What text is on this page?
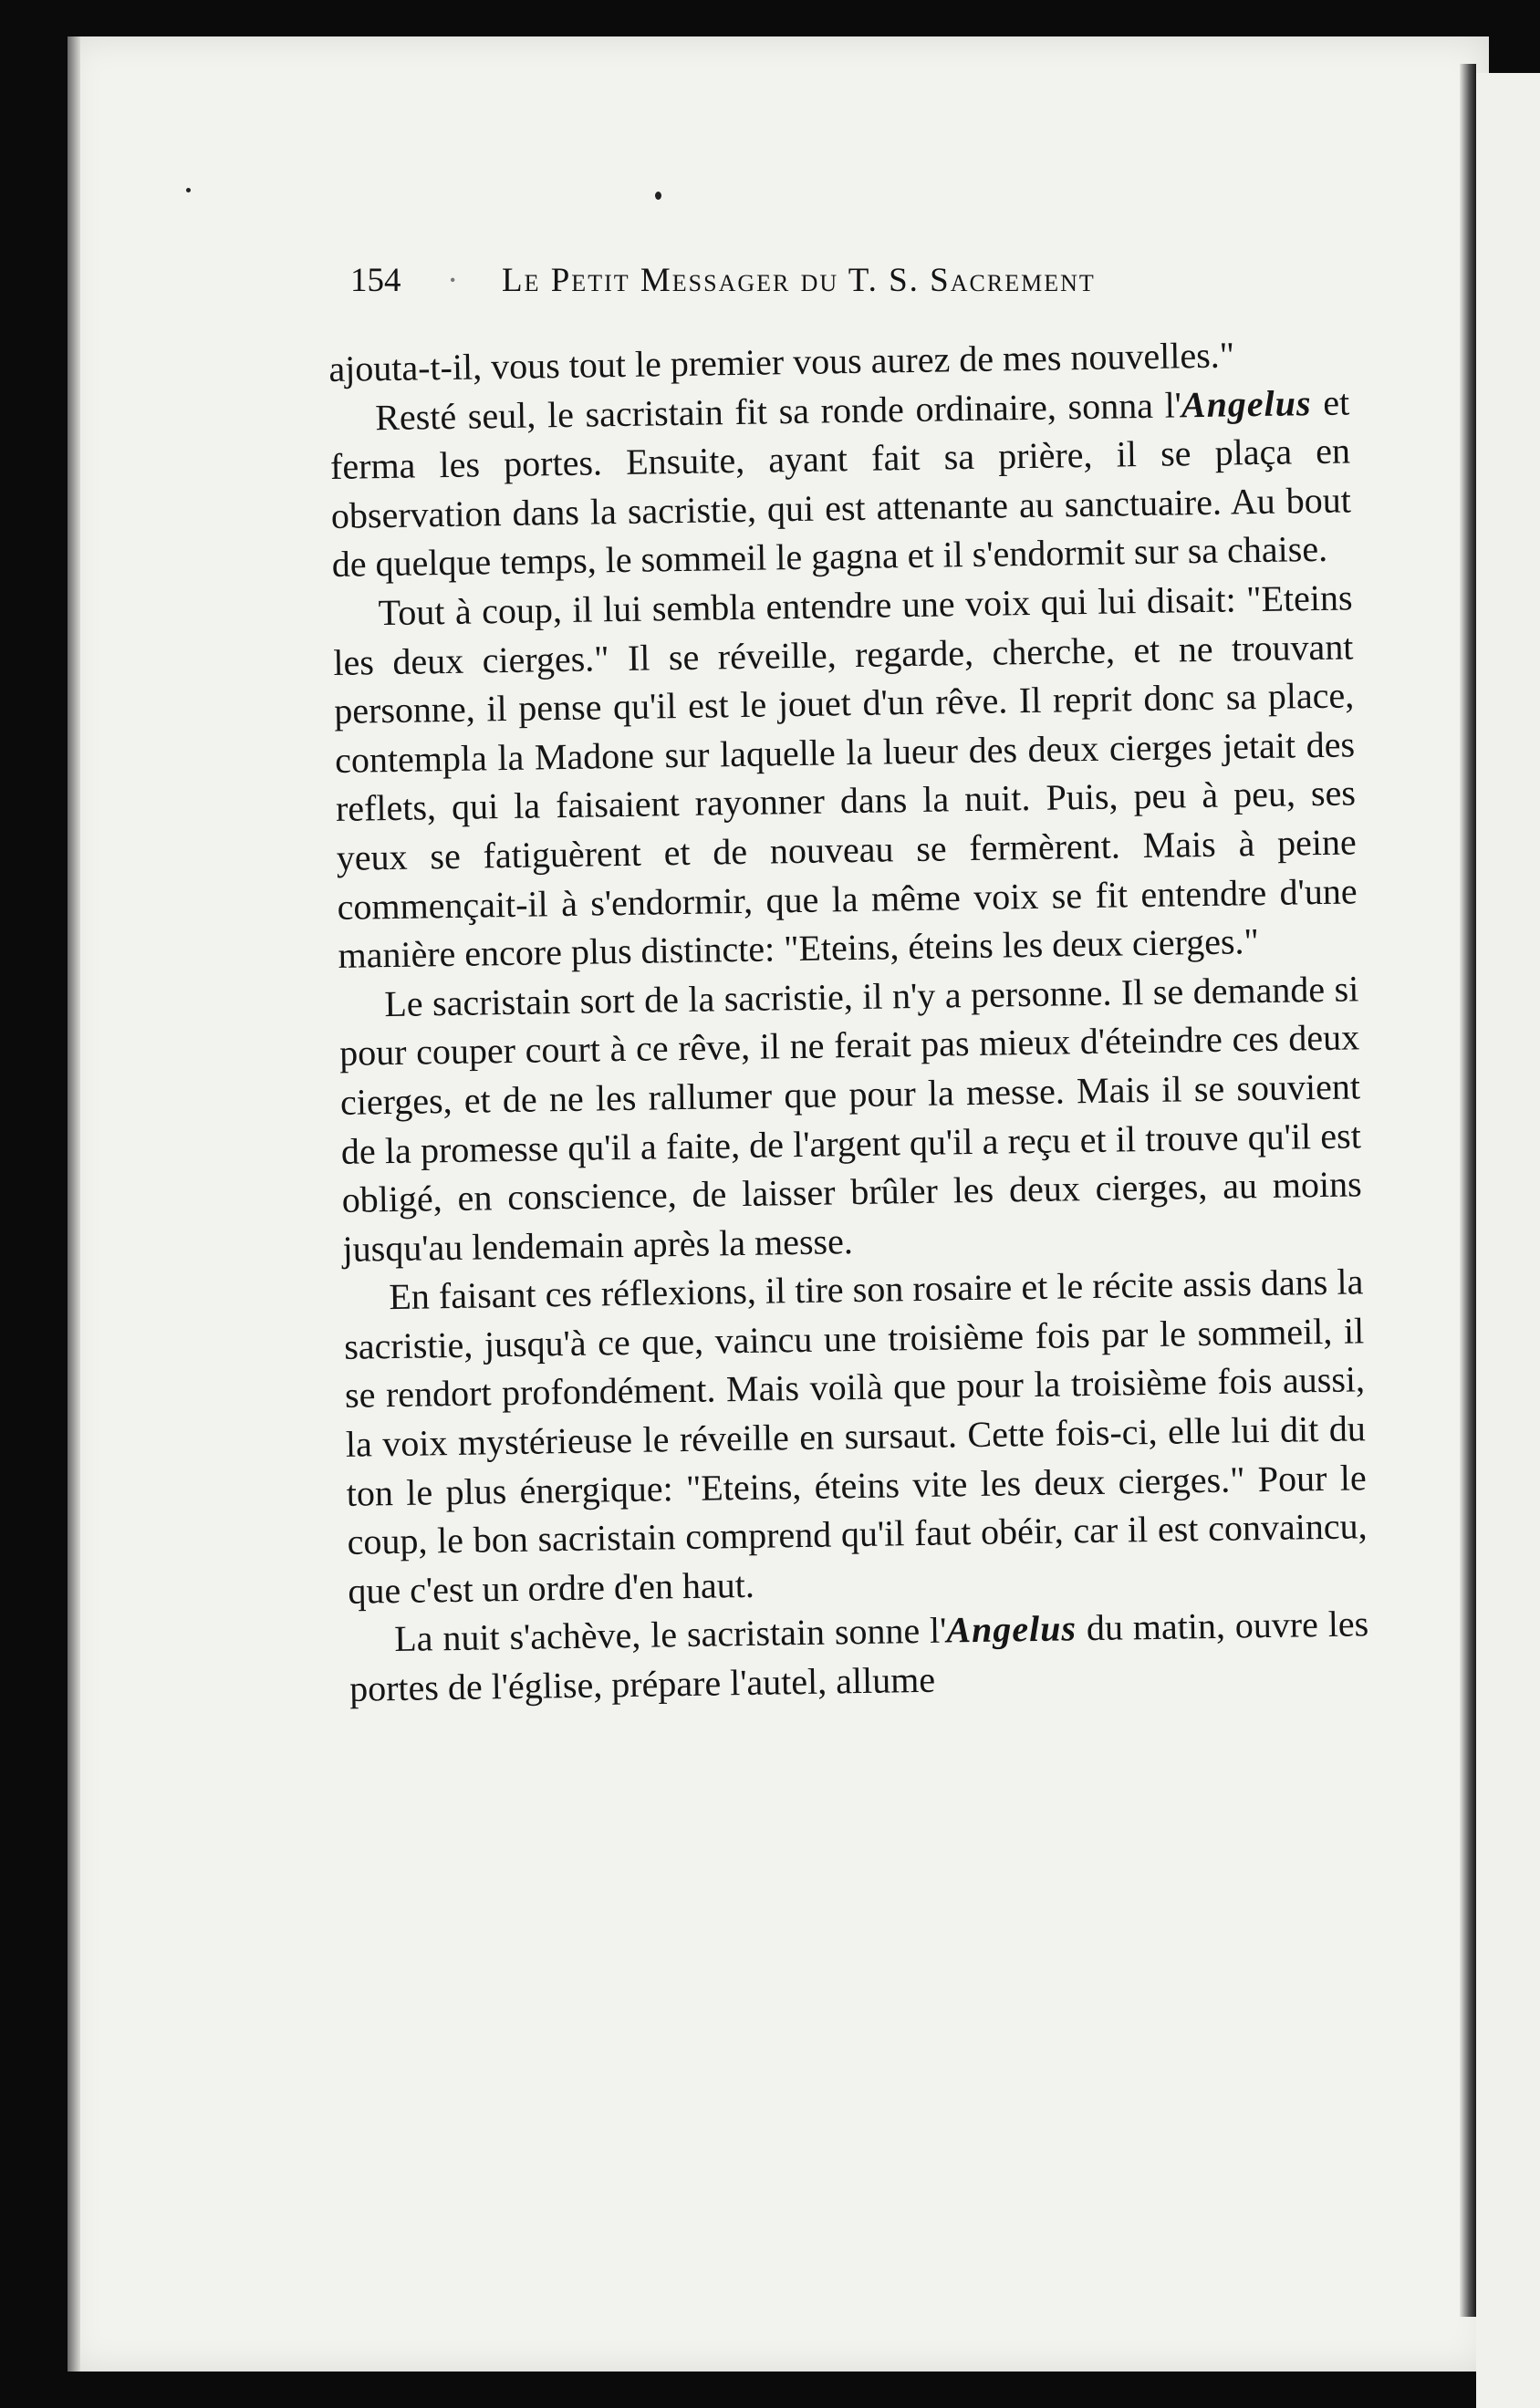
154 · Le Petit Messager du T. S. Sacrement

ajouta-t-il, vous tout le premier vous aurez de mes nouvelles."

Resté seul, le sacristain fit sa ronde ordinaire, sonna l'Angelus et ferma les portes. Ensuite, ayant fait sa prière, il se plaça en observation dans la sacristie, qui est attenante au sanctuaire. Au bout de quelque temps, le sommeil le gagna et il s'endormit sur sa chaise.

Tout à coup, il lui sembla entendre une voix qui lui disait: "Eteins les deux cierges." Il se réveille, regarde, cherche, et ne trouvant personne, il pense qu'il est le jouet d'un rêve. Il reprit donc sa place, contempla la Madone sur laquelle la lueur des deux cierges jetait des reflets, qui la faisaient rayonner dans la nuit. Puis, peu à peu, ses yeux se fatiguèrent et de nouveau se fermèrent. Mais à peine commençait-il à s'endormir, que la même voix se fit entendre d'une manière encore plus distincte: "Eteins, éteins les deux cierges."

Le sacristain sort de la sacristie, il n'y a personne. Il se demande si pour couper court à ce rêve, il ne ferait pas mieux d'éteindre ces deux cierges, et de ne les rallumer que pour la messe. Mais il se souvient de la promesse qu'il a faite, de l'argent qu'il a reçu et il trouve qu'il est obligé, en conscience, de laisser brûler les deux cierges, au moins jusqu'au lendemain après la messe.

En faisant ces réflexions, il tire son rosaire et le récite assis dans la sacristie, jusqu'à ce que, vaincu une troisième fois par le sommeil, il se rendort profondément. Mais voilà que pour la troisième fois aussi, la voix mystérieuse le réveille en sursaut. Cette fois-ci, elle lui dit du ton le plus énergique: "Eteins, éteins vite les deux cierges." Pour le coup, le bon sacristain comprend qu'il faut obéir, car il est convaincu, que c'est un ordre d'en haut.

La nuit s'achève, le sacristain sonne l'Angelus du matin, ouvre les portes de l'église, prépare l'autel, allume
